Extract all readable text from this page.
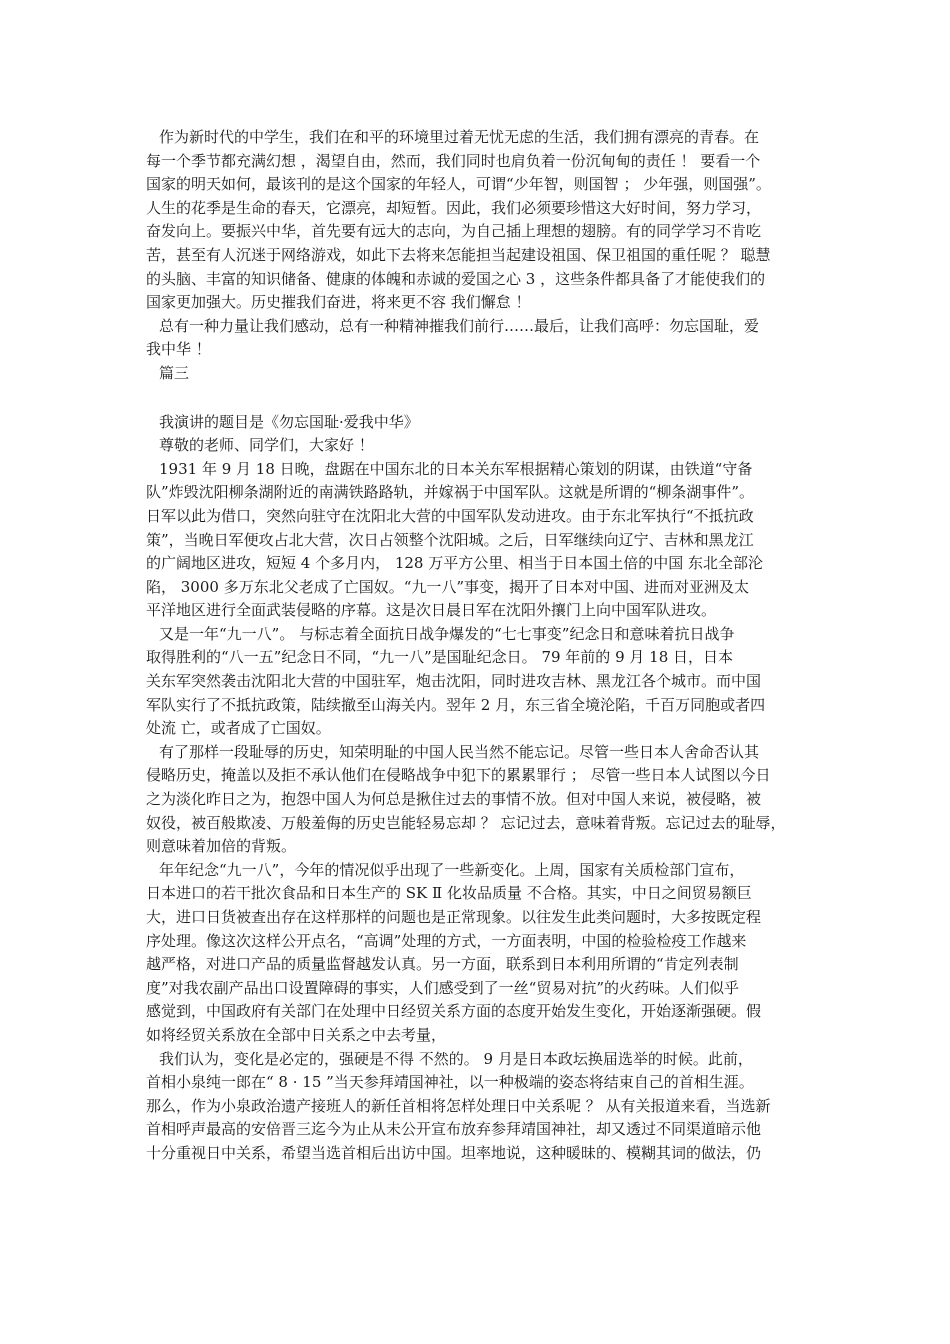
作为新时代的中学生，我们在和平的环境里过着无忧无虑的生活，我们拥有漂亮的青春。在
每一个季节都充满幻想 ，渴望自由，然而，我们同时也肩负着一份沉甸甸的责任 ！ 要看一个
国家的明天如何，最该刊的是这个国家的年轻人，可谓“少年智，则国智 ； 少年强，则国强”。
人生的花季是生命的春天，它漂亮，却短暂。因此，我们必须要珍惜这大好时间，努力学习，
奋发向上。要振兴中华，首先要有远大的志向，为自己插上理想的翅膀。有的同学学习不肯吃
苦，甚至有人沉迷于网络游戏，如此下去将来怎能担当起建设祖国、保卫祖国的重任呢 ？ 聪慧
的头脑、丰富的知识储备、健康的体魄和赤诚的爱国之心 3 ，这些条件都具备了才能使我们的
国家更加强大。历史摧我们奋进，将来更不容 我们懈怠 ！
总有一种力量让我们感动，总有一种精神摧我们前行……最后，让我们高呼：勿忘国耻，爱
我中华 ！
篇三
我演讲的题目是《勿忘国耻·爱我中华》
尊敬的老师、同学们，大家好 ！
1931 年 9 月 18 日晚，盘踞在中国东北的日本关东军根据精心策划的阴谋，由铁道“守备
队”炸毁沈阳柳条湖附近的南满铁路路轨，并嫁祸于中国军队。这就是所谓的“柳条湖事件”。
日军以此为借口，突然向驻守在沈阳北大营的中国军队发动进攻。由于东北军执行“不抵抗政
策”，当晚日军便攻占北大营，次日占领整个沈阳城。之后，日军继续向辽宁、吉林和黑龙江
的广阔地区进攻，短短 4 个多月内， 128 万平方公里、相当于日本国土倍的中国 东北全部沦
陷， 3000 多万东北父老成了亡国奴。“九一八”事变，揭开了日本对中国、进而对亚洲及太
平洋地区进行全面武装侵略的序幕。这是次日晨日军在沈阳外攘门上向中国军队进攻。
又是一年“九一八”。 与标志着全面抗日战争爆发的“七七事变”纪念日和意味着抗日战争
取得胜利的“八一五”纪念日不同，“九一八”是国耻纪念日。 79 年前的 9 月 18 日，日本
关东军突然袭击沈阳北大营的中国驻军，炮击沈阳，同时进攻吉林、黑龙江各个城市。而中国
军队实行了不抵抗政策，陆续撤至山海关内。翌年 2 月，东三省全境沦陷，千百万同胞或者四
处流 亡，或者成了亡国奴。
有了那样一段耻辱的历史，知荣明耻的中国人民当然不能忘记。尽管一些日本人舍命否认其
侵略历史，掩盖以及拒不承认他们在侵略战争中犯下的累累罪行 ； 尽管一些日本人试图以今日
之为淡化昨日之为，抱怨中国人为何总是揪住过去的事情不放。但对中国人来说，被侵略，被
奴役，被百般欺凌、万般羞侮的历史岂能轻易忘却 ？ 忘记过去，意味着背叛。忘记过去的耻辱，
则意味着加倍的背叛。
年年纪念“九一八”，今年的情况似乎出现了一些新变化。上周，国家有关质检部门宣布，
日本进口的若干批次食品和日本生产的 SK Ⅱ 化妆品质量 不合格。其实，中日之间贸易额巨
大，进口日货被查出存在这样那样的问题也是正常现象。以往发生此类问题时，大多按既定程
序处理。像这次这样公开点名，“高调”处理的方式，一方面表明，中国的检验检疫工作越来
越严格，对进口产品的质量监督越发认真。另一方面，联系到日本利用所谓的“肯定列表制
度”对我农副产品出口设置障碍的事实，人们感受到了一丝“贸易对抗”的火药味。人们似乎
感觉到，中国政府有关部门在处理中日经贸关系方面的态度开始发生变化，开始逐渐强硬。假
如将经贸关系放在全部中日关系之中去考量，
我们认为，变化是必定的，强硬是不得 不然的。 9 月是日本政坛换届选举的时候。此前，
首相小泉纯一郎在“ 8 · 15 ”当天参拜靖国神社，以一种极端的姿态将结束自己的首相生涯。
那么，作为小泉政治遗产接班人的新任首相将怎样处理日中关系呢 ？ 从有关报道来看，当选新
首相呼声最高的安倍晋三迄今为止从未公开宣布放弃参拜靖国神社，却又透过不同渠道暗示他
十分重视日中关系，希望当选首相后出访中国。坦率地说，这种暖昧的、模糊其词的做法，仍
